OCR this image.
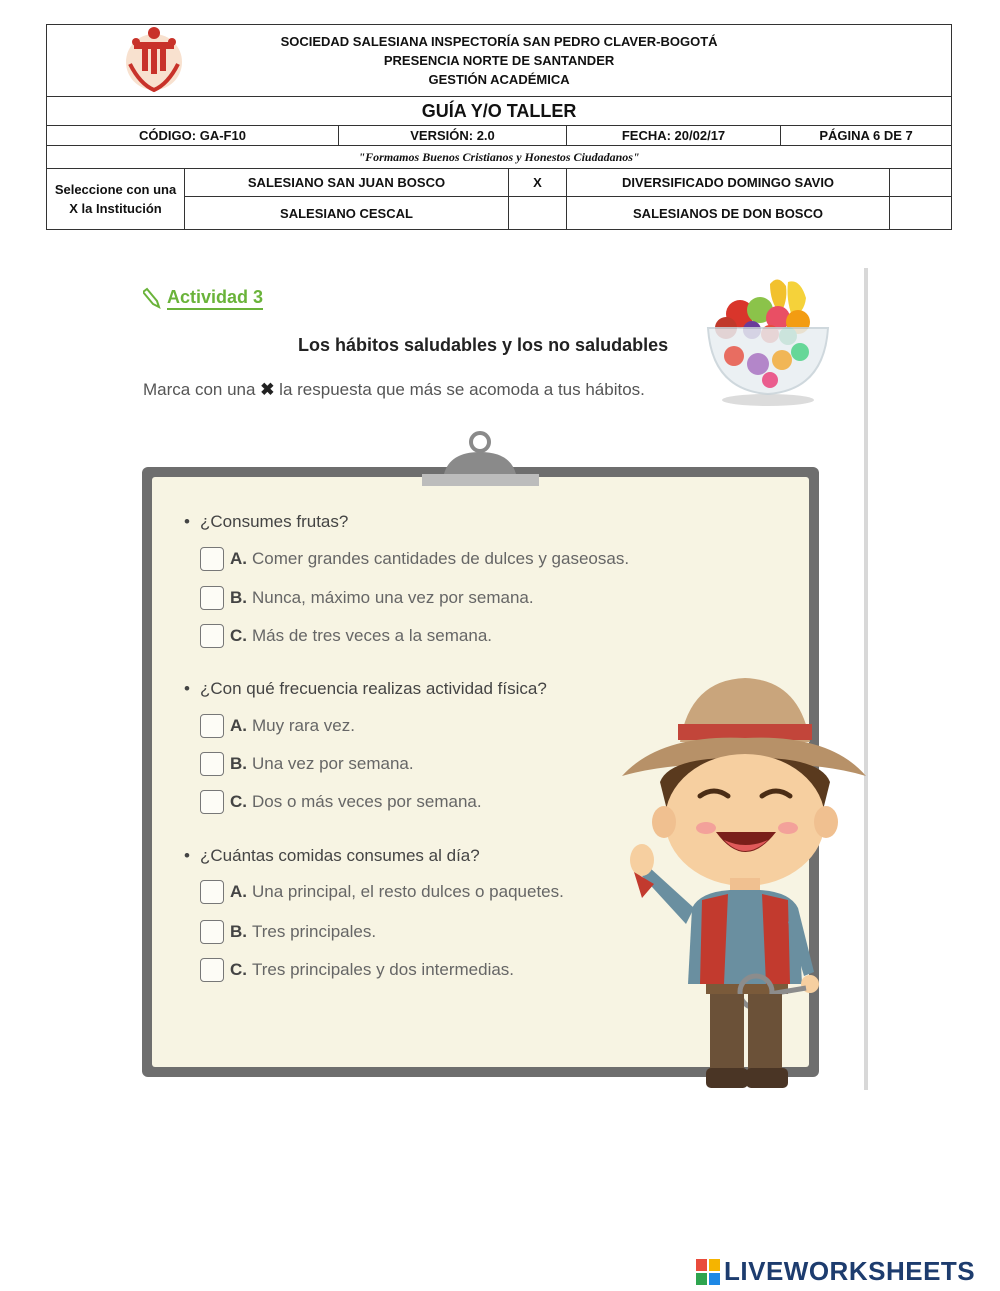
SOCIEDAD SALESIANA INSPECTORÍA SAN PEDRO CLAVER-BOGOTÁ
PRESENCIA NORTE DE SANTANDER
GESTIÓN ACADÉMICA						

GUÍA Y/O TALLER						
CÓDIGO: GA-F10		VERSIÓN: 2.0		FECHA: 20/02/17	PÁGINA 6 DE 7	
"Formamos Buenos Cristianos y Honestos Ciudadanos"						
Seleccione con una X la Institución	SALESIANO SAN JUAN BOSCO		X	DIVERSIFICADO DOMINGO SAVIO		
	SALESIANO CESCAL			SALESIANOS DE DON BOSCO		
Actividad 3
Los hábitos saludables y los no saludables
Marca con una ✖ la respuesta que más se acomoda a tus hábitos.
• ¿Consumes frutas?
A. Comer grandes cantidades de dulces y gaseosas.
B. Nunca, máximo una vez por semana.
C. Más de tres veces a la semana.
• ¿Con qué frecuencia realizas actividad física?
A. Muy rara vez.
B. Una vez por semana.
C. Dos o más veces por semana.
• ¿Cuántas comidas consumes al día?
A. Una principal, el resto dulces o paquetes.
B. Tres principales.
C. Tres principales y dos intermedias.
LIVEWORKSHEETS
